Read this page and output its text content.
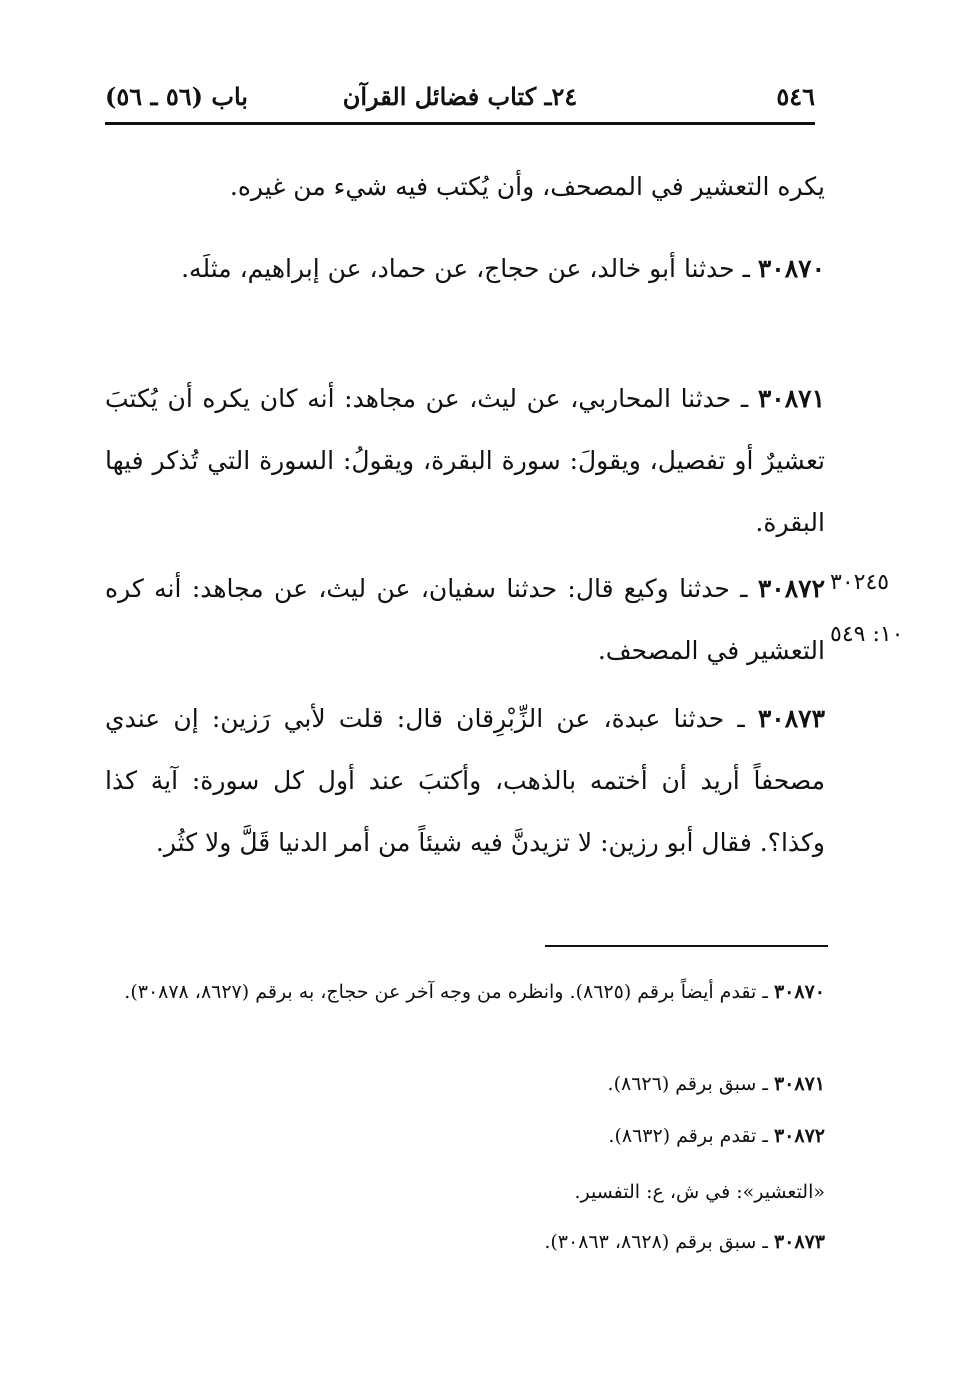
٥٤٦
٢٤ـ كتاب فضائل القرآن
باب (٥٦ ـ ٥٦)
يكره التعشير في المصحف، وأن يُكتب فيه شيء من غيره.
٣٠٨٧٠ ـ حدثنا أبو خالد، عن حجاج، عن حماد، عن إبراهيم، مثلَه.
٣٠٨٧١ ـ حدثنا المحاربي، عن ليث، عن مجاهد: أنه كان يكره أن يُكتبَ تعشيرٌ أو تفصيل، ويقولَ: سورة البقرة، ويقولُ: السورة التي تُذكر فيها البقرة.
٣٠٨٧٢ ـ حدثنا وكيع قال: حدثنا سفيان، عن ليث، عن مجاهد: أنه كره التعشير في المصحف.
٣٠٢٤٥
١٠: ٥٤٩
٣٠٨٧٣ ـ حدثنا عبدة، عن الزِّبْرِقان قال: قلت لأبي رَزين: إن عندي مصحفاً أريد أن أختمه بالذهب، وأكتبَ عند أول كل سورة: آية كذا وكذا؟. فقال أبو رزين: لا تزيدنَّ فيه شيئاً من أمر الدنيا قَلَّ ولا كثُر.
٣٠٨٧٠ ـ تقدم أيضاً برقم (٨٦٢٥). وانظره من وجه آخر عن حجاج، به برقم (٨٦٢٧، ٣٠٨٧٨).
٣٠٨٧١ ـ سبق برقم (٨٦٢٦).
٣٠٨٧٢ ـ تقدم برقم (٨٦٣٢).
«التعشير»: في ش، ع: التفسير.
٣٠٨٧٣ ـ سبق برقم (٨٦٢٨، ٣٠٨٦٣).
